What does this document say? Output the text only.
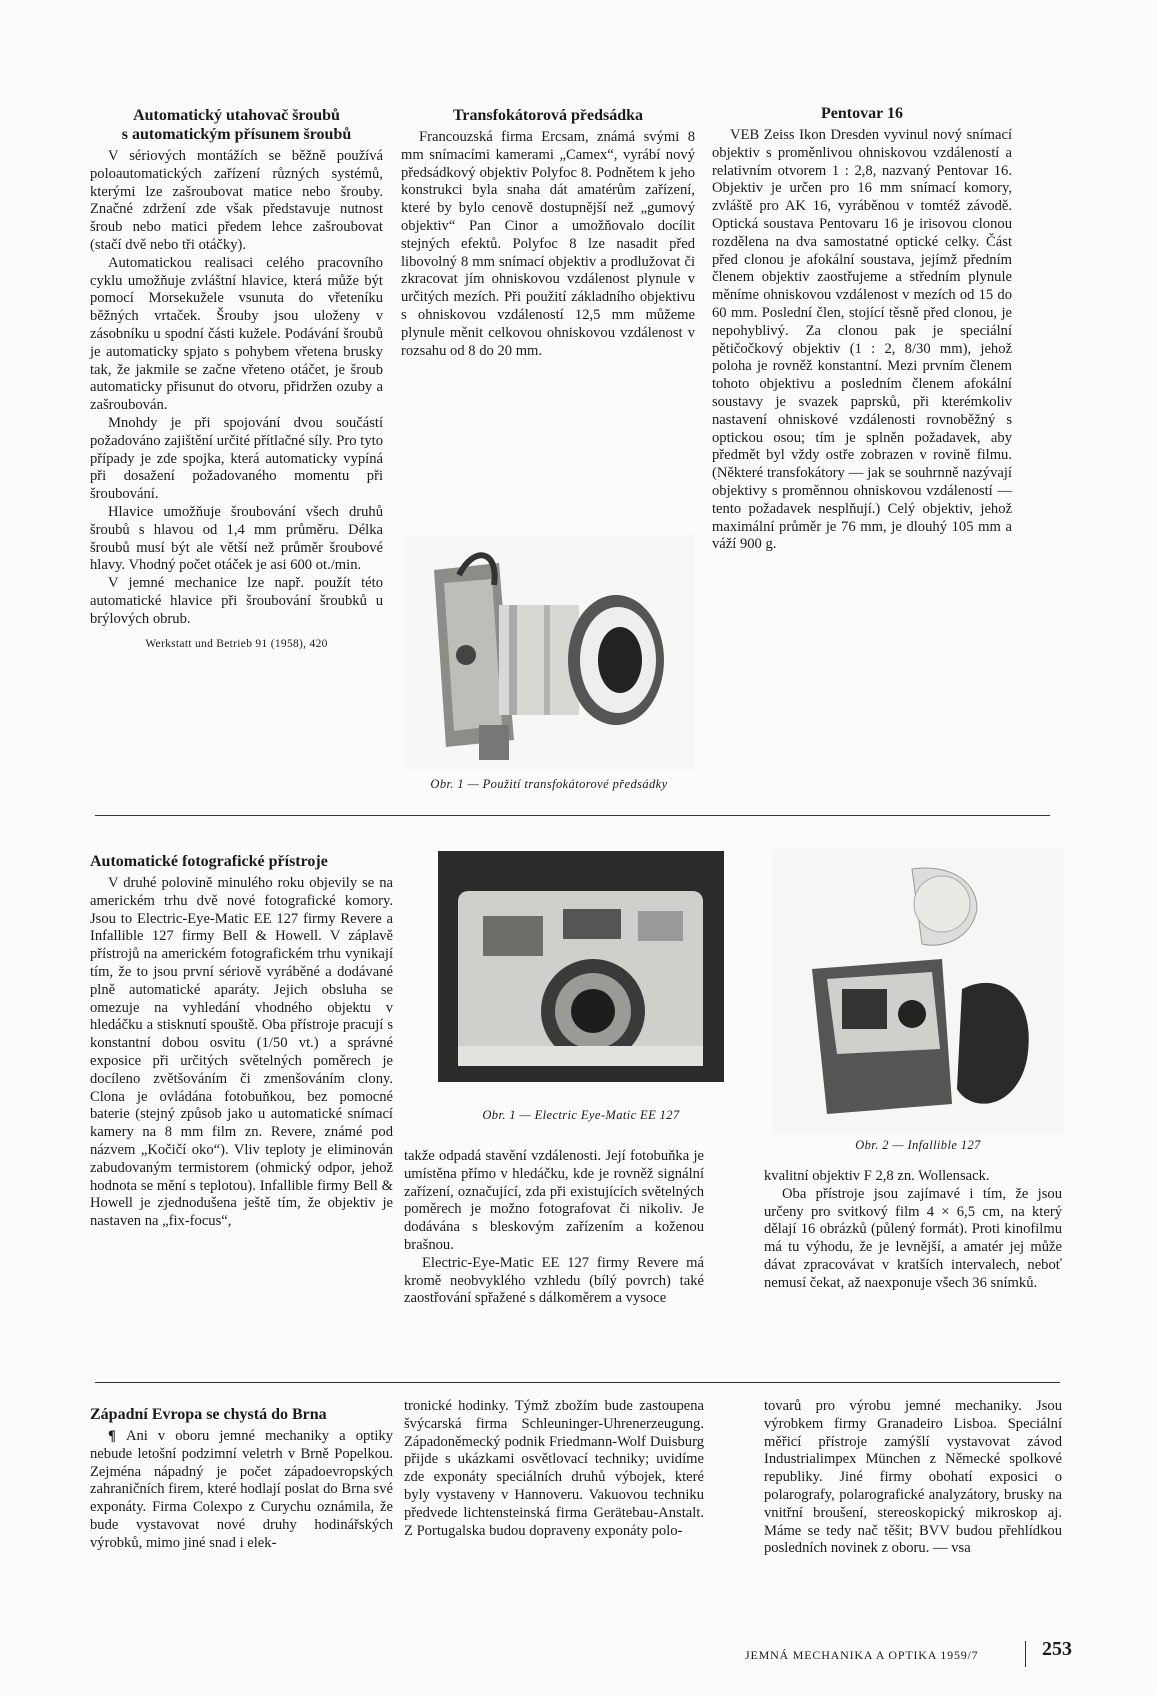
Automatický utahovač šroubů
s automatickým přísunem šroubů

V sériových montážích se běžně používá poloautomatických zařízení různých systémů, kterými lze zašroubovat matice nebo šrouby. Značné zdržení zde však představuje nutnost šroub nebo matici předem lehce zašroubovat (stačí dvě nebo tři otáčky).

Automatickou realisaci celého pracovního cyklu umožňuje zvláštní hlavice, která může být pomocí Morsekužele vsunuta do vřeteníku běžných vrtaček. Šrouby jsou uloženy v zásobníku u spodní části kužele. Podávání šroubů je automaticky spjato s pohybem vřetena brusky tak, že jakmile se začne vřeteno otáčet, je šroub automaticky přisunut do otvoru, přidržen ozuby a zašroubován.

Mnohdy je při spojování dvou součástí požadováno zajištění určité přítlačné síly. Pro tyto případy je zde spojka, která automaticky vypíná při dosažení požadovaného momentu při šroubování.

Hlavice umožňuje šroubování všech druhů šroubů s hlavou od 1,4 mm průměru. Délka šroubů musí být ale větší než průměr šroubové hlavy. Vhodný počet otáček je asi 600 ot./min.

V jemné mechanice lze např. použít této automatické hlavice při šroubování šroubků u brýlových obrub.

Werkstatt und Betrieb 91 (1958), 420
Transfokátorová předsádka

Francouzská firma Ercsam, známá svými 8 mm snímacími kamerami „Camex“, vyrábí nový předsádkový objektiv Polyfoc 8. Podnětem k jeho konstrukci byla snaha dát amatérům zařízení, které by bylo cenově dostupnější než „gumový objektiv“ Pan Cinor a umožňovalo docílit stejných efektů. Polyfoc 8 lze nasadit před libovolný 8 mm snímací objektiv a prodlužovat či zkracovat jím ohniskovou vzdálenost plynule v určitých mezích. Při použití základního objektivu s ohniskovou vzdáleností 12,5 mm můžeme plynule měnit celkovou ohniskovou vzdálenost v rozsahu od 8 do 20 mm.

Obr. 1 — Použití transfokátorové předsádky
Pentovar 16

VEB Zeiss Ikon Dresden vyvinul nový snímací objektiv s proměnlivou ohniskovou vzdáleností a relativním otvorem 1 : 2,8, nazvaný Pentovar 16. Objektiv je určen pro 16 mm snímací komory, zvláště pro AK 16, vyráběnou v tomtéž závodě. Optická soustava Pentovaru 16 je irisovou clonou rozdělena na dva samostatné optické celky. Část před clonou je afokální soustava, jejímž předním členem objektiv zaostřujeme a středním plynule měníme ohniskovou vzdálenost v mezích od 15 do 60 mm. Poslední člen, stojící těsně před clonou, je nepohyblivý. Za clonou pak je speciální pětičočkový objektiv (1 : 2, 8/30 mm), jehož poloha je rovněž konstantní. Mezi prvním členem tohoto objektivu a posledním členem afokální soustavy je svazek paprsků, při kterémkoliv nastavení ohniskové vzdálenosti rovnoběžný s optickou osou; tím je splněn požadavek, aby předmět byl vždy ostře zobrazen v rovině filmu. (Některé transfokátory — jak se souhrnně nazývají objektivy s proměnnou ohniskovou vzdáleností — tento požadavek nesplňují.) Celý objektiv, jehož maximální průměr je 76 mm, je dlouhý 105 mm a váží 900 g.

Automatické fotografické přístroje

V druhé polovině minulého roku objevily se na americkém trhu dvě nové fotografické komory. Jsou to Electric-Eye-Matic EE 127 firmy Revere a Infallible 127 firmy Bell & Howell. V záplavě přístrojů na americkém fotografickém trhu vynikají tím, že to jsou první sériově vyráběné a dodávané plně automatické aparáty. Jejich obsluha se omezuje na vyhledání vhodného objektu v hledáčku a stisknutí spouště. Oba přístroje pracují s konstantní dobou osvitu (1/50 vt.) a správné exposice při určitých světelných poměrech je docíleno zvětšováním či zmenšováním clony. Clona je ovládána fotobuňkou, bez pomocné baterie (stejný způsob jako u automatické snímací kamery na 8 mm film zn. Revere, známé pod názvem „Kočičí oko“). Vliv teploty je eliminován zabudovaným termistorem (ohmický odpor, jehož hodnota se mění s teplotou). Infallible firmy Bell & Howell je zjednodušena ještě tím, že objektiv je nastaven na „fix-focus“,

Obr. 1 — Electric Eye-Matic EE 127
Obr. 2 — Infallible 127

takže odpadá stavění vzdálenosti. Její fotobuňka je umístěna přímo v hledáčku, kde je rovněž signální zařízení, označující, zda při existujících světelných poměrech je možno fotografovat či nikoliv. Je dodávána s bleskovým zařízením a koženou brašnou.

Electric-Eye-Matic EE 127 firmy Revere má kromě neobvyklého vzhledu (bílý povrch) také zaostřování spřažené s dálkoměrem a vysoce

kvalitní objektiv F 2,8 zn. Wollensack.

Oba přístroje jsou zajímavé i tím, že jsou určeny pro svitkový film 4 × 6,5 cm, na který dělají 16 obrázků (půlený formát). Proti kinofilmu má tu výhodu, že je levnější, a amatér jej může dávat zpracovávat v kratších intervalech, neboť nemusí čekat, až naexponuje všech 36 snímků.

Západní Evropa se chystá do Brna

¶ Ani v oboru jemné mechaniky a optiky nebude letošní podzimní veletrh v Brně Popelkou. Zejména nápadný je počet západoevropských zahraničních firem, které hodlají poslat do Brna své exponáty. Firma Colexpo z Curychu oznámila, že bude vystavovat nové druhy hodinářských výrobků, mimo jiné snad i elek-

tronické hodinky. Týmž zbožím bude zastoupena švýcarská firma Schleuninger-Uhrenerzeugung. Západoněmecký podnik Friedmann-Wolf Duisburg přijde s ukázkami osvětlovací techniky; uvidíme zde exponáty speciálních druhů výbojek, které byly vystaveny v Hannoveru. Vakuovou techniku předvede lichtensteinská firma Gerätebau-Anstalt. Z Portugalska budou dopraveny exponáty polo-

tovarů pro výrobu jemné mechaniky. Jsou výrobkem firmy Granadeiro Lisboa. Speciální měřicí přístroje zamýšlí vystavovat závod Industrialimpex München z Německé spolkové republiky. Jiné firmy obohatí exposici o polarografy, polarografické analyzátory, brusky na vnitřní broušení, stereoskopický mikroskop aj. Máme se tedy nač těšit; BVV budou přehlídkou posledních novinek z oboru. — vsa

JEMNÁ MECHANIKA A OPTIKA 1959/7	253
